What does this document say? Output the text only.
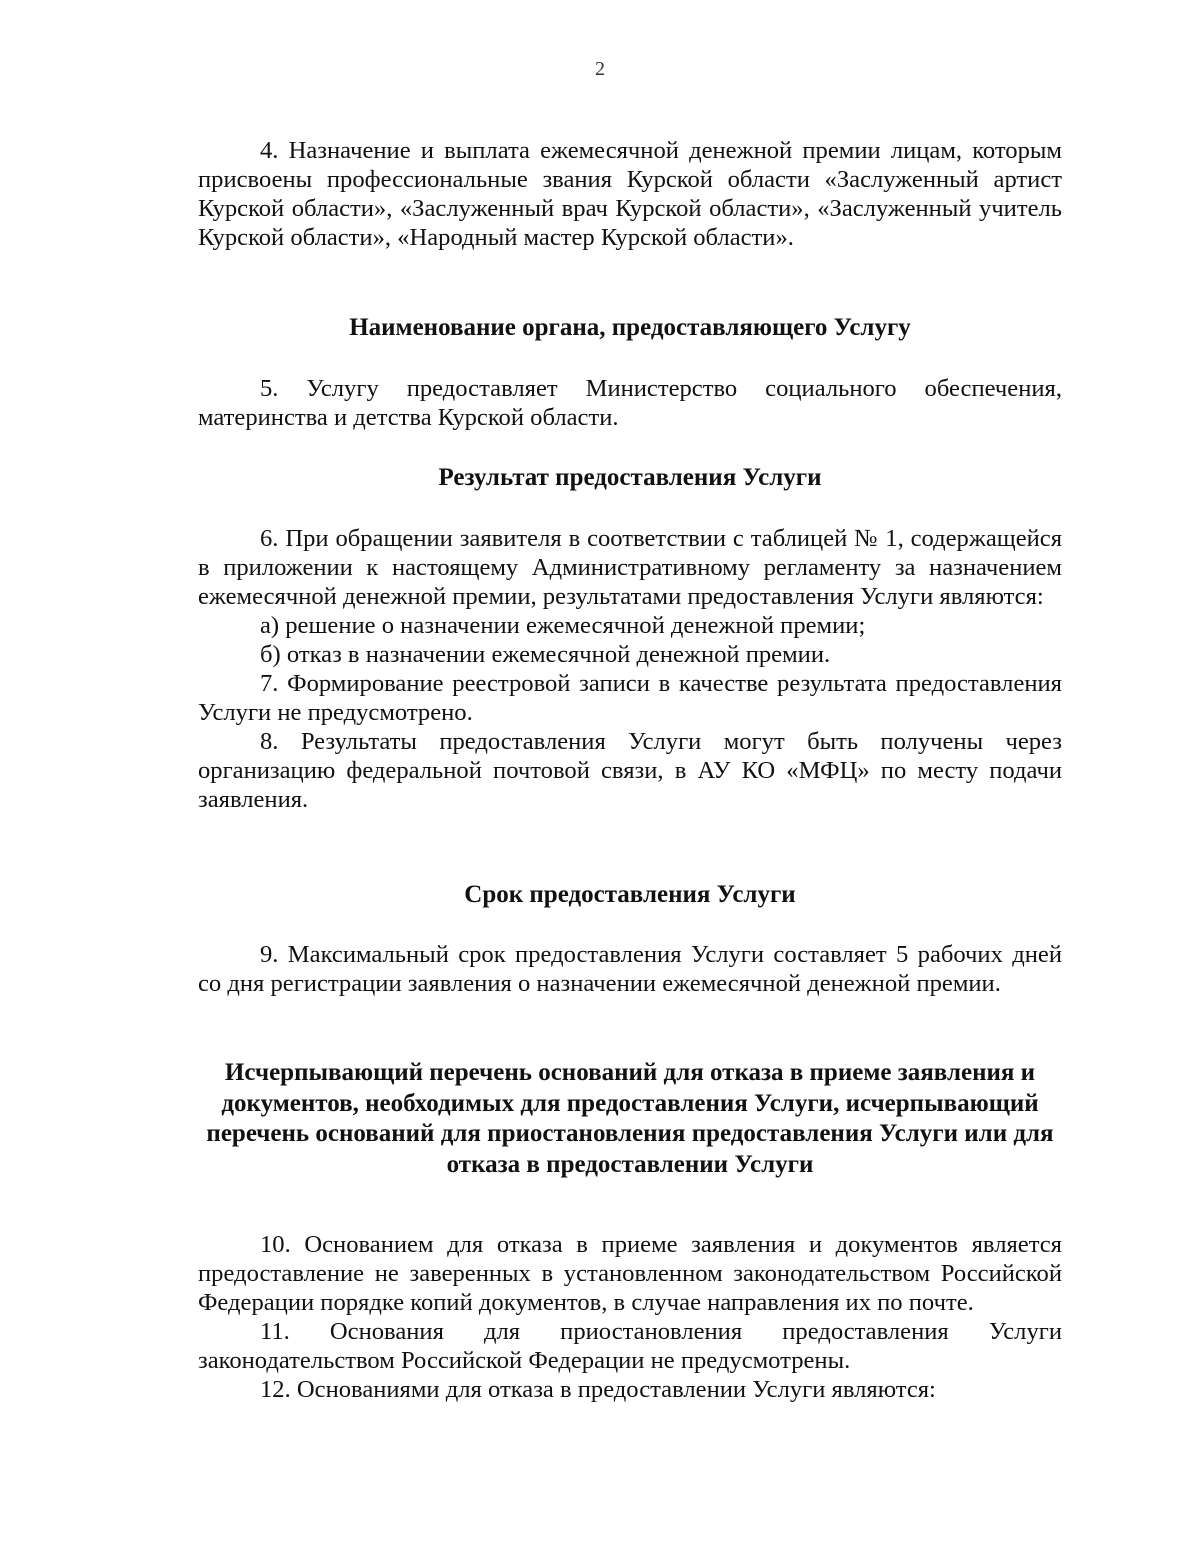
2

4. Назначение и выплата ежемесячной денежной премии лицам, которым присвоены профессиональные звания Курской области «Заслуженный артист Курской области», «Заслуженный врач Курской области», «Заслуженный учитель Курской области», «Народный мастер Курской области».

Наименование органа, предоставляющего Услугу

5. Услугу предоставляет Министерство социального обеспечения, материнства и детства Курской области.

Результат предоставления Услуги

6. При обращении заявителя в соответствии с таблицей № 1, содержащейся в приложении к настоящему Административному регламенту за назначением ежемесячной денежной премии, результатами предоставления Услуги являются:

а) решение о назначении ежемесячной денежной премии;

б) отказ в назначении ежемесячной денежной премии.

7. Формирование реестровой записи в качестве результата предоставления Услуги не предусмотрено.

8. Результаты предоставления Услуги могут быть получены через организацию федеральной почтовой связи, в АУ КО «МФЦ» по месту подачи заявления.

Срок предоставления Услуги

9. Максимальный срок предоставления Услуги составляет 5 рабочих дней со дня регистрации заявления о назначении ежемесячной денежной премии.

Исчерпывающий перечень оснований для отказа в приеме заявления и документов, необходимых для предоставления Услуги, исчерпывающий перечень оснований для приостановления предоставления Услуги или для отказа в предоставлении Услуги

10. Основанием для отказа в приеме заявления и документов является предоставление не заверенных в установленном законодательством Российской Федерации порядке копий документов, в случае направления их по почте.

11. Основания для приостановления предоставления Услуги законодательством Российской Федерации не предусмотрены.

12. Основаниями для отказа в предоставлении Услуги являются:
